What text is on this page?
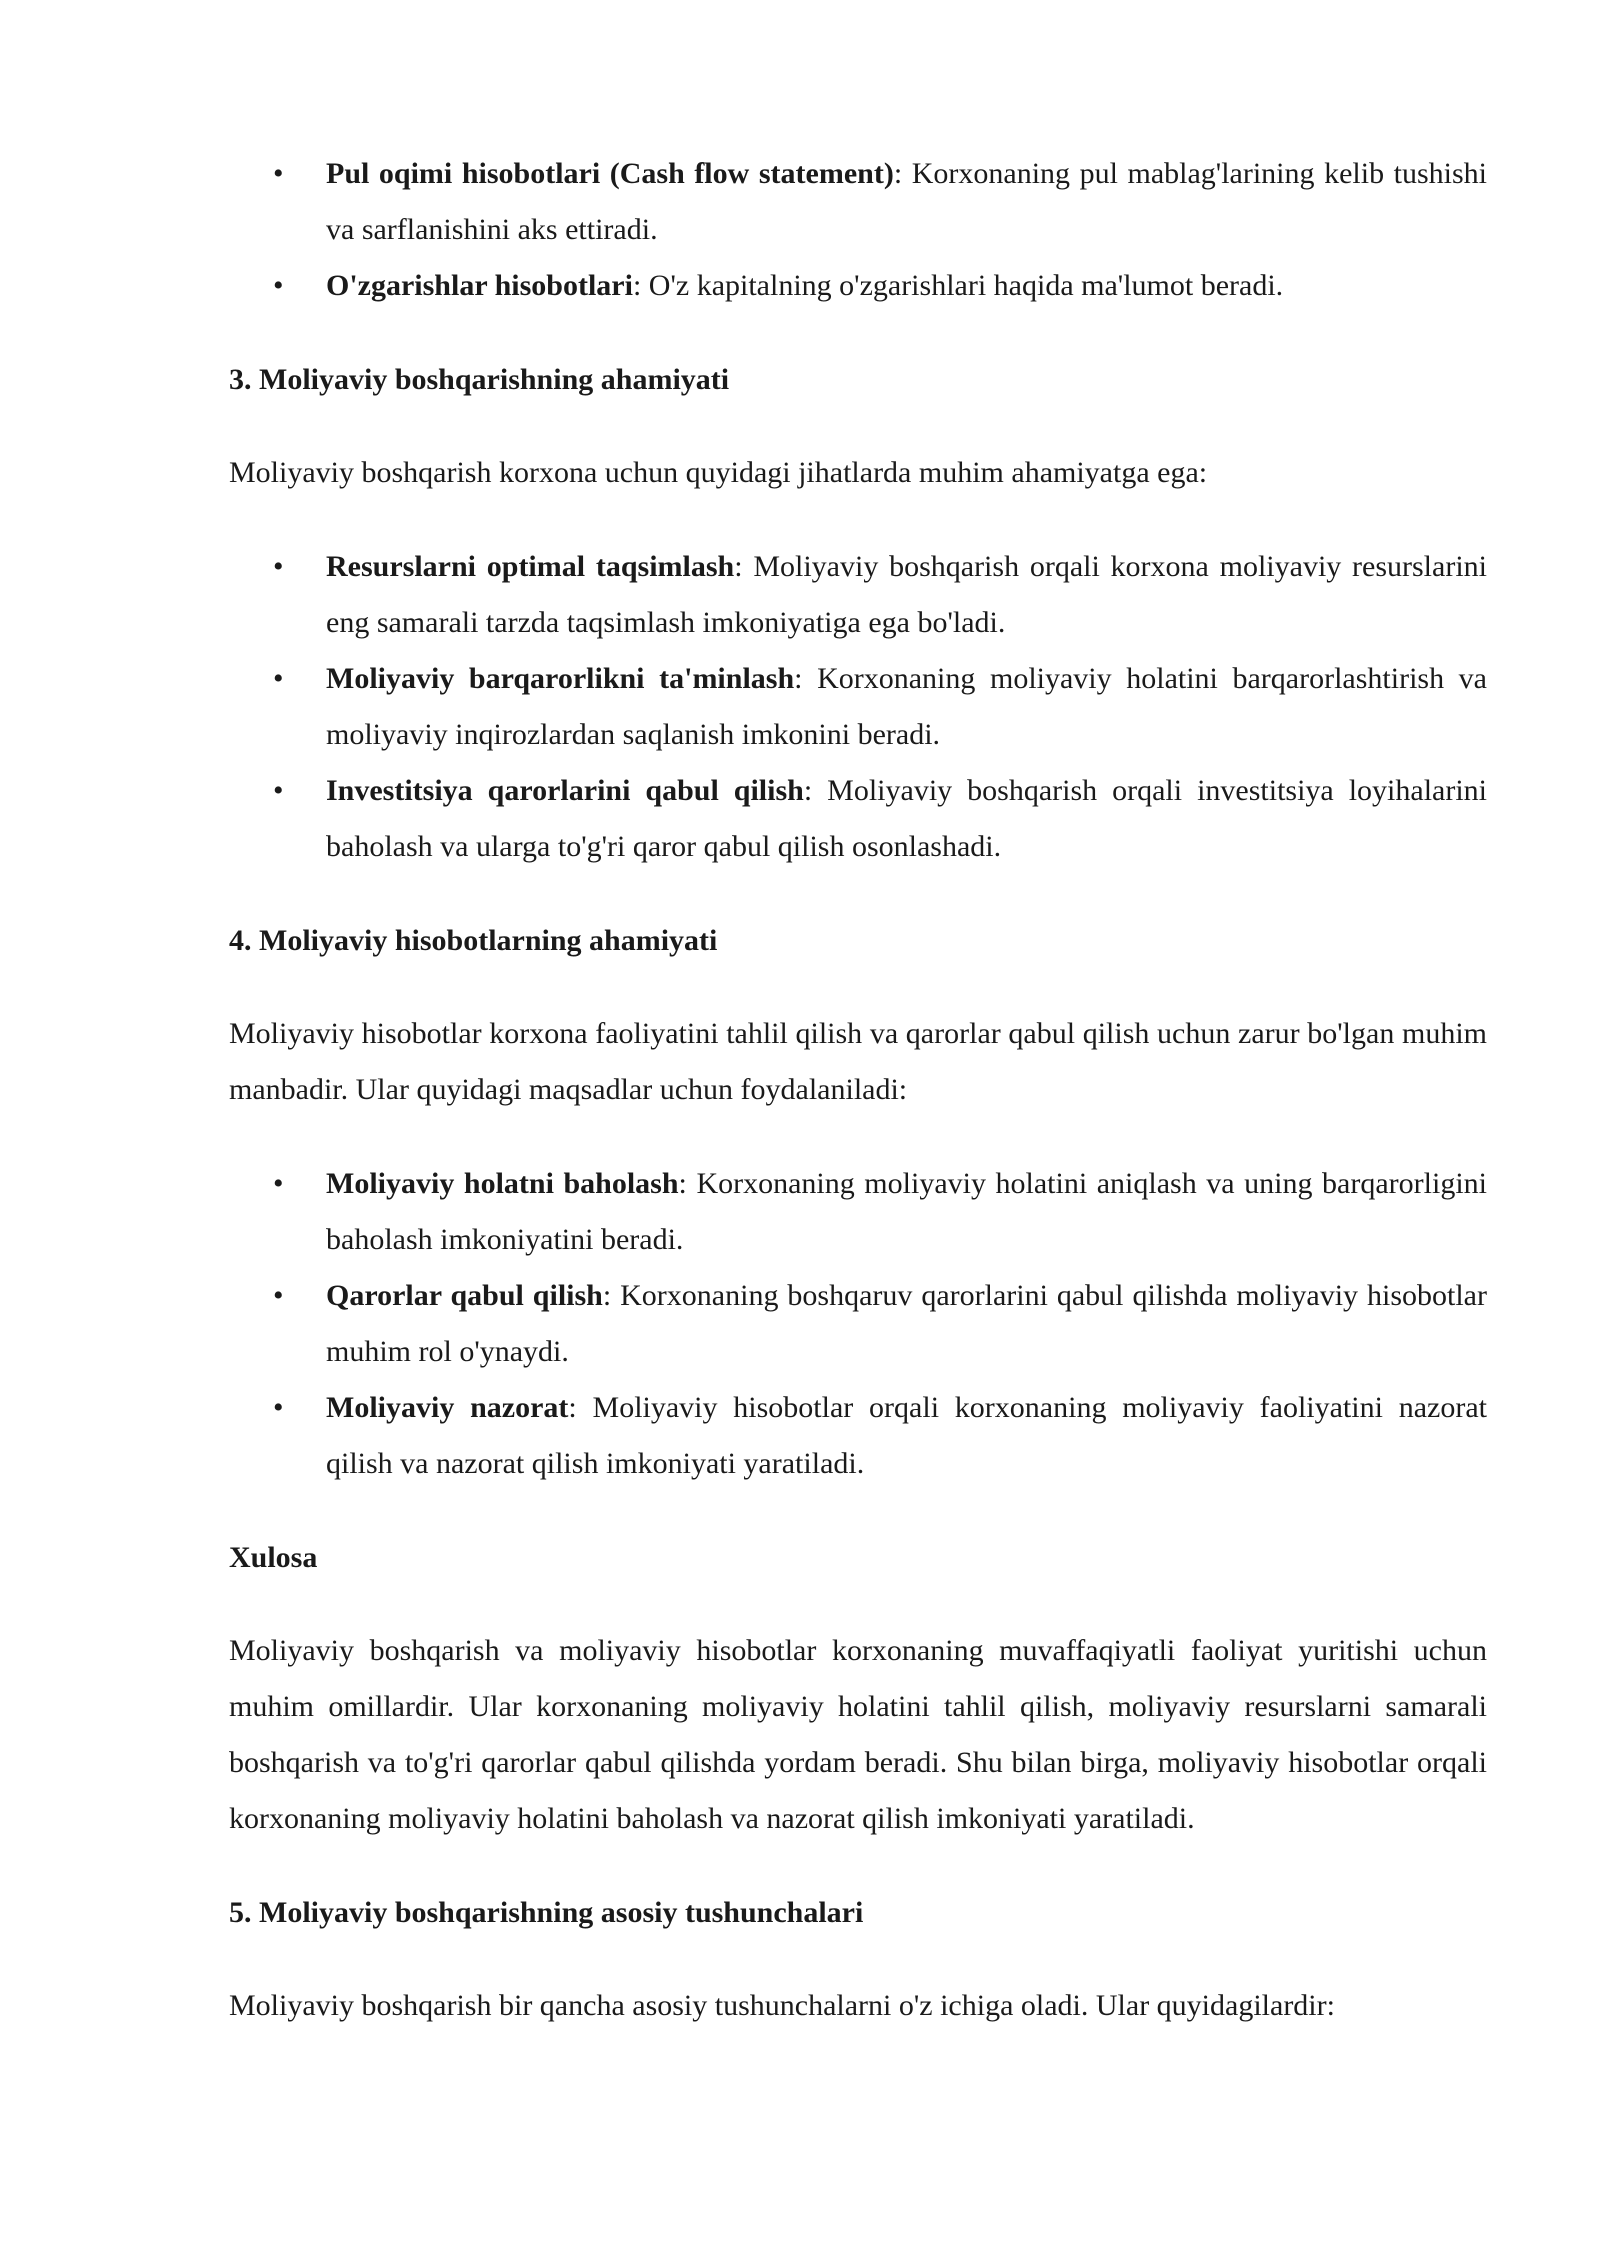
• Pul oqimi hisobotlari (Cash flow statement): Korxonaning pul mablag'larining kelib tushishi va sarflanishini aks ettiradi.
• O'zgarishlar hisobotlari: O'z kapitalning o'zgarishlari haqida ma'lumot beradi.
3. Moliyaviy boshqarishning ahamiyati

Moliyaviy boshqarish korxona uchun quyidagi jihatlarda muhim ahamiyatga ega:

• Resurslarni optimal taqsimlash: Moliyaviy boshqarish orqali korxona moliyaviy resurslarini eng samarali tarzda taqsimlash imkoniyatiga ega bo'ladi.
• Moliyaviy barqarorlikni ta'minlash: Korxonaning moliyaviy holatini barqarorlashtirish va moliyaviy inqirozlardan saqlanish imkonini beradi.
• Investitsiya qarorlarini qabul qilish: Moliyaviy boshqarish orqali investitsiya loyihalarini baholash va ularga to'g'ri qaror qabul qilish osonlashadi.
4. Moliyaviy hisobotlarning ahamiyati

Moliyaviy hisobotlar korxona faoliyatini tahlil qilish va qarorlar qabul qilish uchun zarur bo'lgan muhim manbadir. Ular quyidagi maqsadlar uchun foydalaniladi:

• Moliyaviy holatni baholash: Korxonaning moliyaviy holatini aniqlash va uning barqarorligini baholash imkoniyatini beradi.
• Qarorlar qabul qilish: Korxonaning boshqaruv qarorlarini qabul qilishda moliyaviy hisobotlar muhim rol o'ynaydi.
• Moliyaviy nazorat: Moliyaviy hisobotlar orqali korxonaning moliyaviy faoliyatini nazorat qilish va nazorat qilish imkoniyati yaratiladi.
Xulosa

Moliyaviy boshqarish va moliyaviy hisobotlar korxonaning muvaffaqiyatli faoliyat yuritishi uchun muhim omillardir. Ular korxonaning moliyaviy holatini tahlil qilish, moliyaviy resurslarni samarali boshqarish va to'g'ri qarorlar qabul qilishda yordam beradi. Shu bilan birga, moliyaviy hisobotlar orqali korxonaning moliyaviy holatini baholash va nazorat qilish imkoniyati yaratiladi.

5. Moliyaviy boshqarishning asosiy tushunchalari

Moliyaviy boshqarish bir qancha asosiy tushunchalarni o'z ichiga oladi. Ular quyidagilardir:
